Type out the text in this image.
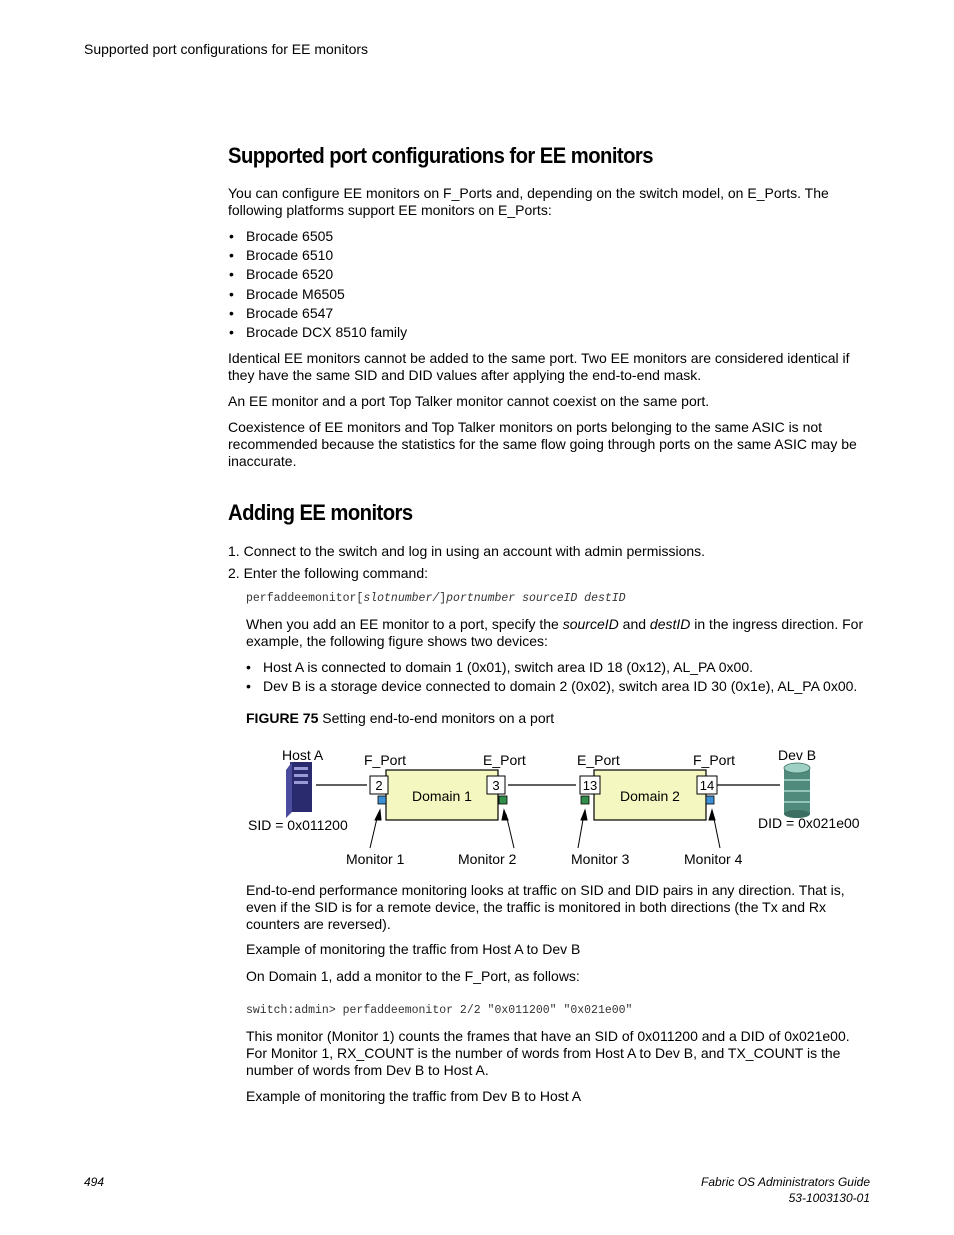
Supported port configurations for EE monitors
Supported port configurations for EE monitors

You can configure EE monitors on F_Ports and, depending on the switch model, on E_Ports. The following platforms support EE monitors on E_Ports:

• Brocade 6505
• Brocade 6510
• Brocade 6520
• Brocade M6505
• Brocade 6547
• Brocade DCX 8510 family

Identical EE monitors cannot be added to the same port. Two EE monitors are considered identical if they have the same SID and DID values after applying the end-to-end mask.

An EE monitor and a port Top Talker monitor cannot coexist on the same port.

Coexistence of EE monitors and Top Talker monitors on ports belonging to the same ASIC is not recommended because the statistics for the same flow going through ports on the same ASIC may be inaccurate.

Adding EE monitors
1. Connect to the switch and log in using an account with admin permissions.
2. Enter the following command:
perfaddeemonitor[slotnumber/]portnumber sourceID destID

When you add an EE monitor to a port, specify the sourceID and destID in the ingress direction. For example, the following figure shows two devices:

• Host A is connected to domain 1 (0x01), switch area ID 18 (0x12), AL_PA 0x00.
• Dev B is a storage device connected to domain 2 (0x02), switch area ID 30 (0x1e), AL_PA 0x00.
FIGURE 75 Setting end-to-end monitors on a port
Host A
SID = 0x011200
Domain 1
2	3
F_Port	E_Port
Domain 2
13	14
E_Port	F_Port	Dev B
DID = 0x021e00
Monitor 1	Monitor 2	Monitor 3	Monitor 4

End-to-end performance monitoring looks at traffic on SID and DID pairs in any direction. That is, even if the SID is for a remote device, the traffic is monitored in both directions (the Tx and Rx counters are reversed).

Example of monitoring the traffic from Host A to Dev B

On Domain 1, add a monitor to the F_Port, as follows:

switch:admin> perfaddeemonitor 2/2 "0x011200" "0x021e00"

This monitor (Monitor 1) counts the frames that have an SID of 0x011200 and a DID of 0x021e00. For Monitor 1, RX_COUNT is the number of words from Host A to Dev B, and TX_COUNT is the number of words from Dev B to Host A.

Example of monitoring the traffic from Dev B to Host A

494	Fabric OS Administrators Guide
53-1003130-01
